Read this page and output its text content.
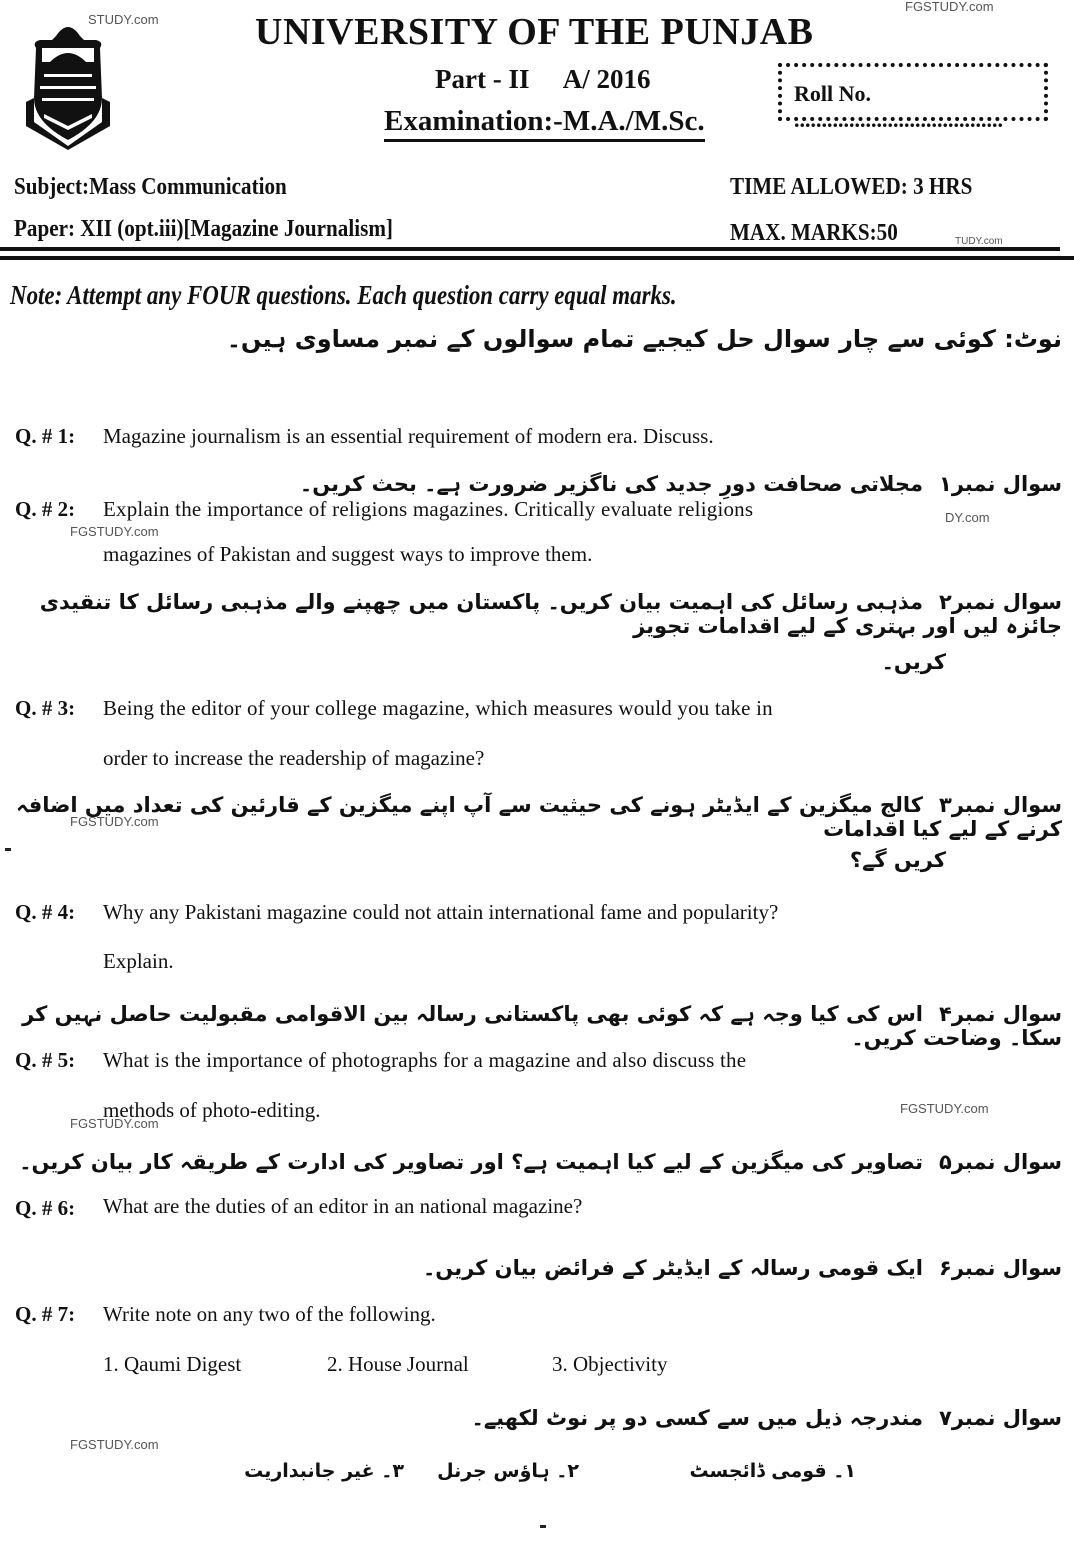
STUDY.com
FGSTUDY.com
UNIVERSITY OF THE PUNJAB
Part - II A/ 2016
Examination:-M.A./M.Sc.
Roll No. ......................................
Subject:Mass Communication
Paper: XII (opt.iii)[Magazine Journalism]
TIME ALLOWED: 3 HRS
MAX. MARKS:50	TUDY.com
Note: Attempt any FOUR questions. Each question carry equal marks.
نوٹ: کوئی سے چار سوال حل کیجیے تمام سوالوں کے نمبر مساوی ہیں۔
Q. # 1: Magazine journalism is an essential requirement of modern era. Discuss.
سوال نمبر۱مجلاتی صحافت دورِ جدید کی ناگزیر ضرورت ہے۔ بحث کریں۔
Q. # 2: Explain the importance of religions magazines. Critically evaluate religions	DY.com
FGSTUDY.com
magazines of Pakistan and suggest ways to improve them.
سوال نمبر۲مذہبی رسائل کی اہمیت بیان کریں۔ پاکستان میں چھپنے والے مذہبی رسائل کا تنقیدی جائزہ لیں اور بہتری کے لیے اقدامات تجویز
کریں۔
Q. # 3: Being the editor of your college magazine, which measures would you take in
order to increase the readership of magazine?
سوال نمبر۳کالج میگزین کے ایڈیٹر ہونے کی حیثیت سے آپ اپنے میگزین کے قارئین کی تعداد میں اضافہ کرنے کے لیے کیا اقدامات
FGSTUDY.com
کریں گے؟
Q. # 4: Why any Pakistani magazine could not attain international fame and popularity?
Explain.
سوال نمبر۴اس کی کیا وجہ ہے کہ کوئی بھی پاکستانی رسالہ بین الاقوامی مقبولیت حاصل نہیں کر سکا۔ وضاحت کریں۔
Q. # 5: What is the importance of photographs for a magazine and also discuss the
methods of photo-editing.
FGSTUDY.com
FGSTUDY.com
سوال نمبر۵تصاویر کی میگزین کے لیے کیا اہمیت ہے؟ اور تصاویر کی ادارت کے طریقہ کار بیان کریں۔
Q. # 6: What are the duties of an editor in an national magazine?
سوال نمبر۶ایک قومی رسالہ کے ایڈیٹر کے فرائض بیان کریں۔
Q. # 7: Write note on any two of the following.
1. Qaumi Digest	2. House Journal	3. Objectivity
سوال نمبر۷مندرجہ ذیل میں سے کسی دو پر نوٹ لکھیے۔
FGSTUDY.com
۱۔ قومی ڈائجسٹ
۲۔ ہاؤس جرنل
۳۔ غیر جانبداریت
